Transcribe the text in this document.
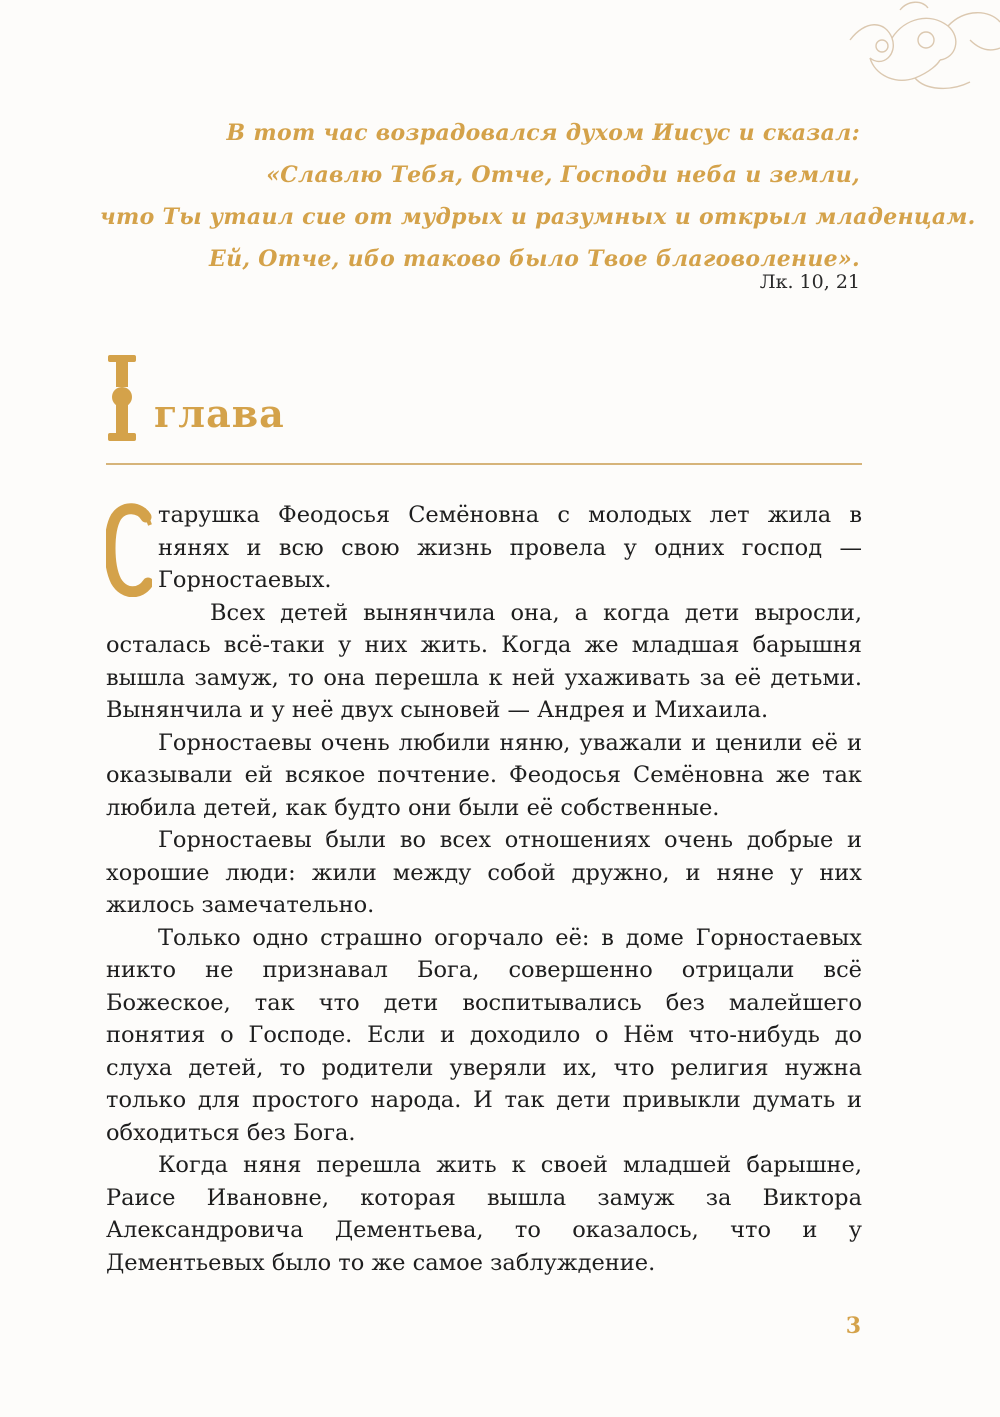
В тот час возрадовался духом Иисус и сказал:
«Славлю Тебя, Отче, Господи неба и земли,
что Ты утаил сие от мудрых и разумных и открыл младенцам.
Ей, Отче, ибо таково было Твое благоволение».
Лк. 10, 21
глава

тарушка Феодосья Семёновна с молодых лет жила в нянях и всю свою жизнь провела у одних господ — Горностаевых.

Всех детей вынянчила она, а когда дети выросли, осталась всё-таки у них жить. Когда же младшая барышня вышла замуж, то она перешла к ней ухаживать за её детьми. Вынянчила и у неё двух сыновей — Андрея и Михаила.

Горностаевы очень любили няню, уважали и ценили её и оказывали ей всякое почтение. Феодосья Семёновна же так любила детей, как будто они были её собственные.

Горностаевы были во всех отношениях очень добрые и хорошие люди: жили между собой дружно, и няне у них жилось замечательно.

Только одно страшно огорчало её: в доме Горностаевых никто не признавал Бога, совершенно отрицали всё Божеское, так что дети воспитывались без малейшего понятия о Господе. Если и доходило о Нём что-нибудь до слуха детей, то родители уверяли их, что религия нужна только для простого народа. И так дети привыкли думать и обходиться без Бога.

Когда няня перешла жить к своей младшей барышне, Раисе Ивановне, которая вышла замуж за Виктора Александровича Дементьева, то оказалось, что и у Дементьевых было то же самое заблуждение.

3
